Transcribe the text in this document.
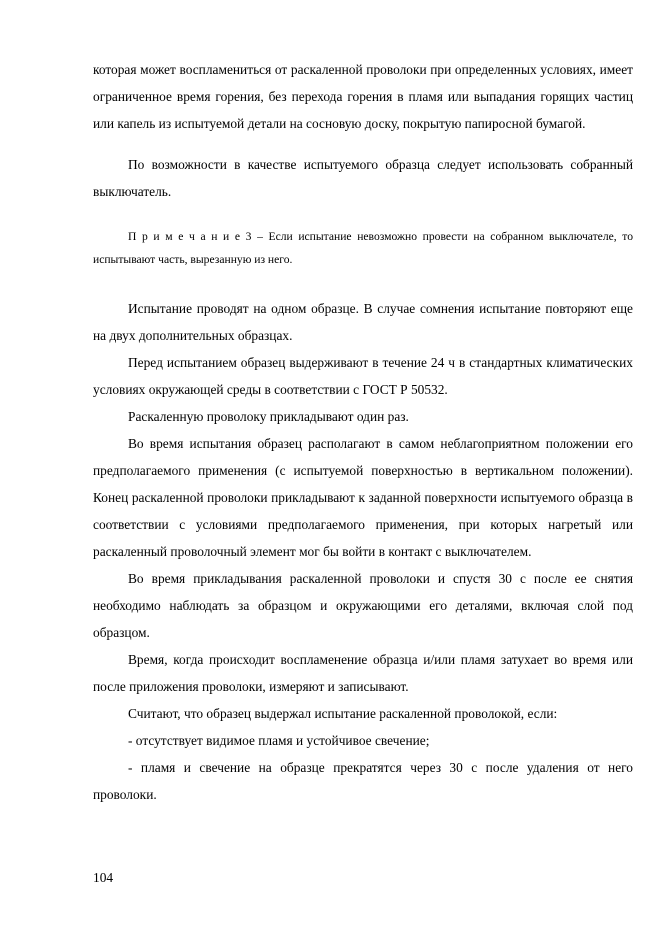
которая может воспламениться от раскаленной проволоки при определенных условиях, имеет ограниченное время горения, без перехода горения в пламя или выпадания горящих частиц или капель из испытуемой детали на сосновую доску, покрытую папиросной бумагой.

По возможности в качестве испытуемого образца следует использовать собранный выключатель.

П р и м е ч а н и е 3 – Если испытание невозможно провести на собранном выключателе, то испытывают часть, вырезанную из него.

Испытание проводят на одном образце. В случае сомнения испытание повторяют еще на двух дополнительных образцах.

Перед испытанием образец выдерживают в течение 24 ч в стандартных климатических условиях окружающей среды в соответствии с ГОСТ Р 50532.

Раскаленную проволоку прикладывают один раз.

Во время испытания образец располагают в самом неблагоприятном положении его предполагаемого применения (с испытуемой поверхностью в вертикальном положении). Конец раскаленной проволоки прикладывают к заданной поверхности испытуемого образца в соответствии с условиями предполагаемого применения, при которых нагретый или раскаленный проволочный элемент мог бы войти в контакт с выключателем.

Во время прикладывания раскаленной проволоки и спустя 30 с после ее снятия необходимо наблюдать за образцом и окружающими его деталями, включая слой под образцом.

Время, когда происходит воспламенение образца и/или пламя затухает во время или после приложения проволоки, измеряют и записывают.

Считают, что образец выдержал испытание раскаленной проволокой, если:

- отсутствует видимое пламя и устойчивое свечение;

- пламя и свечение на образце прекратятся через 30 с после удаления от него проволоки.

104
